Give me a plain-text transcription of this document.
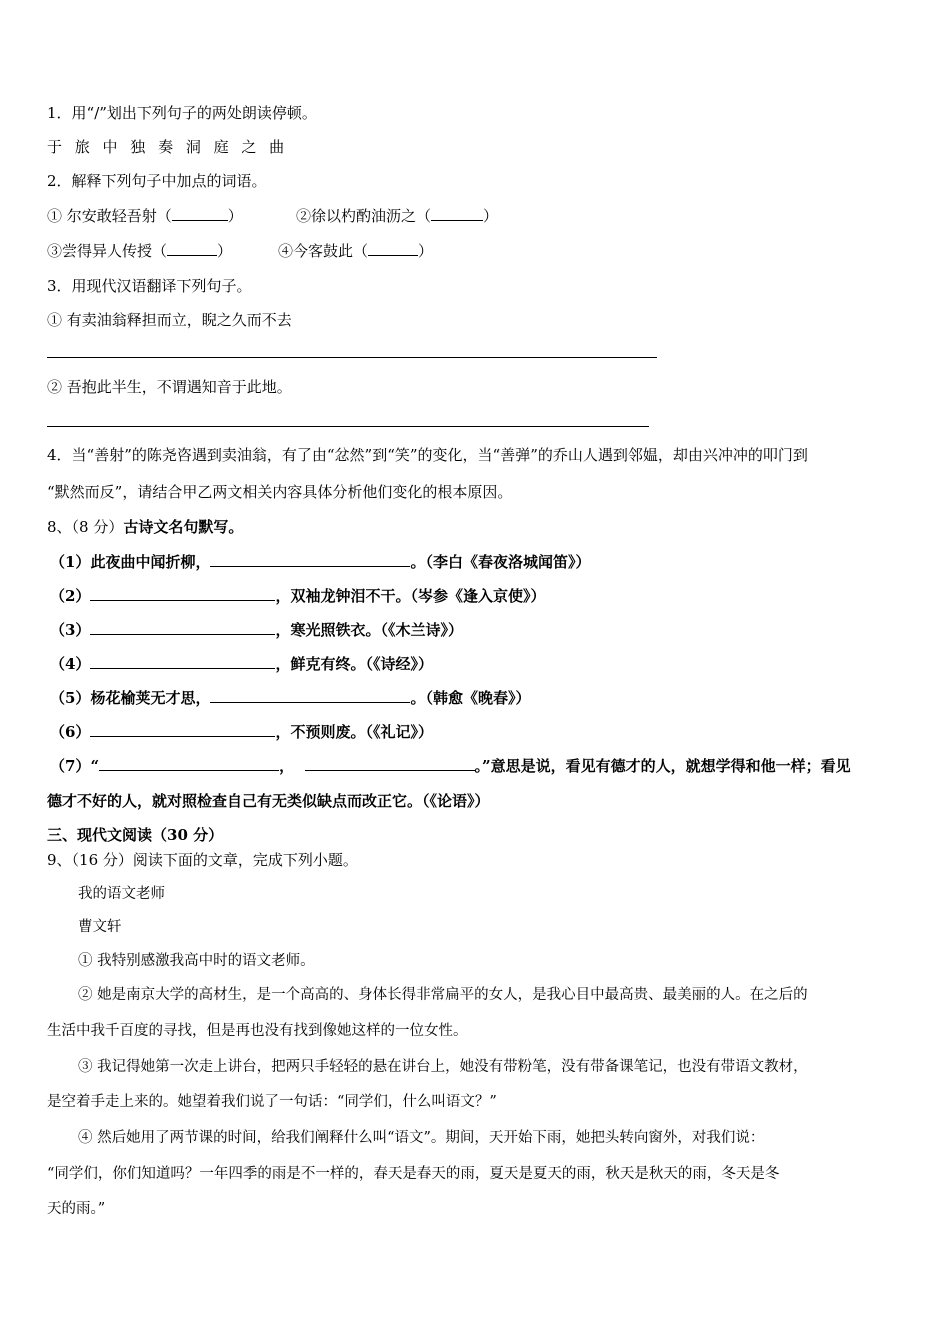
1．用“/”划出下列句子的两处朗读停顿。
于 旅 中 独 奏 洞 庭 之 曲
2．解释下列句子中加点的词语。
① 尔安敢轻吾射（	）	②徐以杓酌油沥之（	）
③尝得异人传授（	）	④今客鼓此（	）
3．用现代汉语翻译下列句子。
① 有卖油翁释担而立，睨之久而不去
② 吾抱此半生，不谓遇知音于此地。
4．当“善射”的陈尧咨遇到卖油翁，有了由“忿然”到“笑”的变化，当“善弹”的乔山人遇到邻媪，却由兴冲冲的叩门到
“默然而反”，请结合甲乙两文相关内容具体分析他们变化的根本原因。
8、（8 分）古诗文名句默写。
（1）此夜曲中闻折柳，	。（李白《春夜洛城闻笛》）
（2）	，双袖龙钟泪不干。（岑参《逢入京使》）
（3）	，寒光照铁衣。（《木兰诗》）
（4）	，鲜克有终。（《诗经》）
（5）杨花榆荚无才思，	。（韩愈《晚春》）
（6）	，不预则废。（《礼记》）
（7）“	，	。”意思是说，看见有德才的人，就想学得和他一样；看见
德才不好的人，就对照检查自己有无类似缺点而改正它。（《论语》）
三、现代文阅读（30 分）
9、（16 分）阅读下面的文章，完成下列小题。
我的语文老师
曹文轩
① 我特别感激我高中时的语文老师。
② 她是南京大学的高材生，是一个高高的、身体长得非常扁平的女人，是我心目中最高贵、最美丽的人。在之后的
生活中我千百度的寻找，但是再也没有找到像她这样的一位女性。
③ 我记得她第一次走上讲台，把两只手轻轻的悬在讲台上，她没有带粉笔，没有带备课笔记，也没有带语文教材，
是空着手走上来的。她望着我们说了一句话：“同学们，什么叫语文？”
④ 然后她用了两节课的时间，给我们阐释什么叫“语文”。期间，天开始下雨，她把头转向窗外，对我们说：
“同学们，你们知道吗？一年四季的雨是不一样的，春天是春天的雨，夏天是夏天的雨，秋天是秋天的雨，冬天是冬
天的雨。”
